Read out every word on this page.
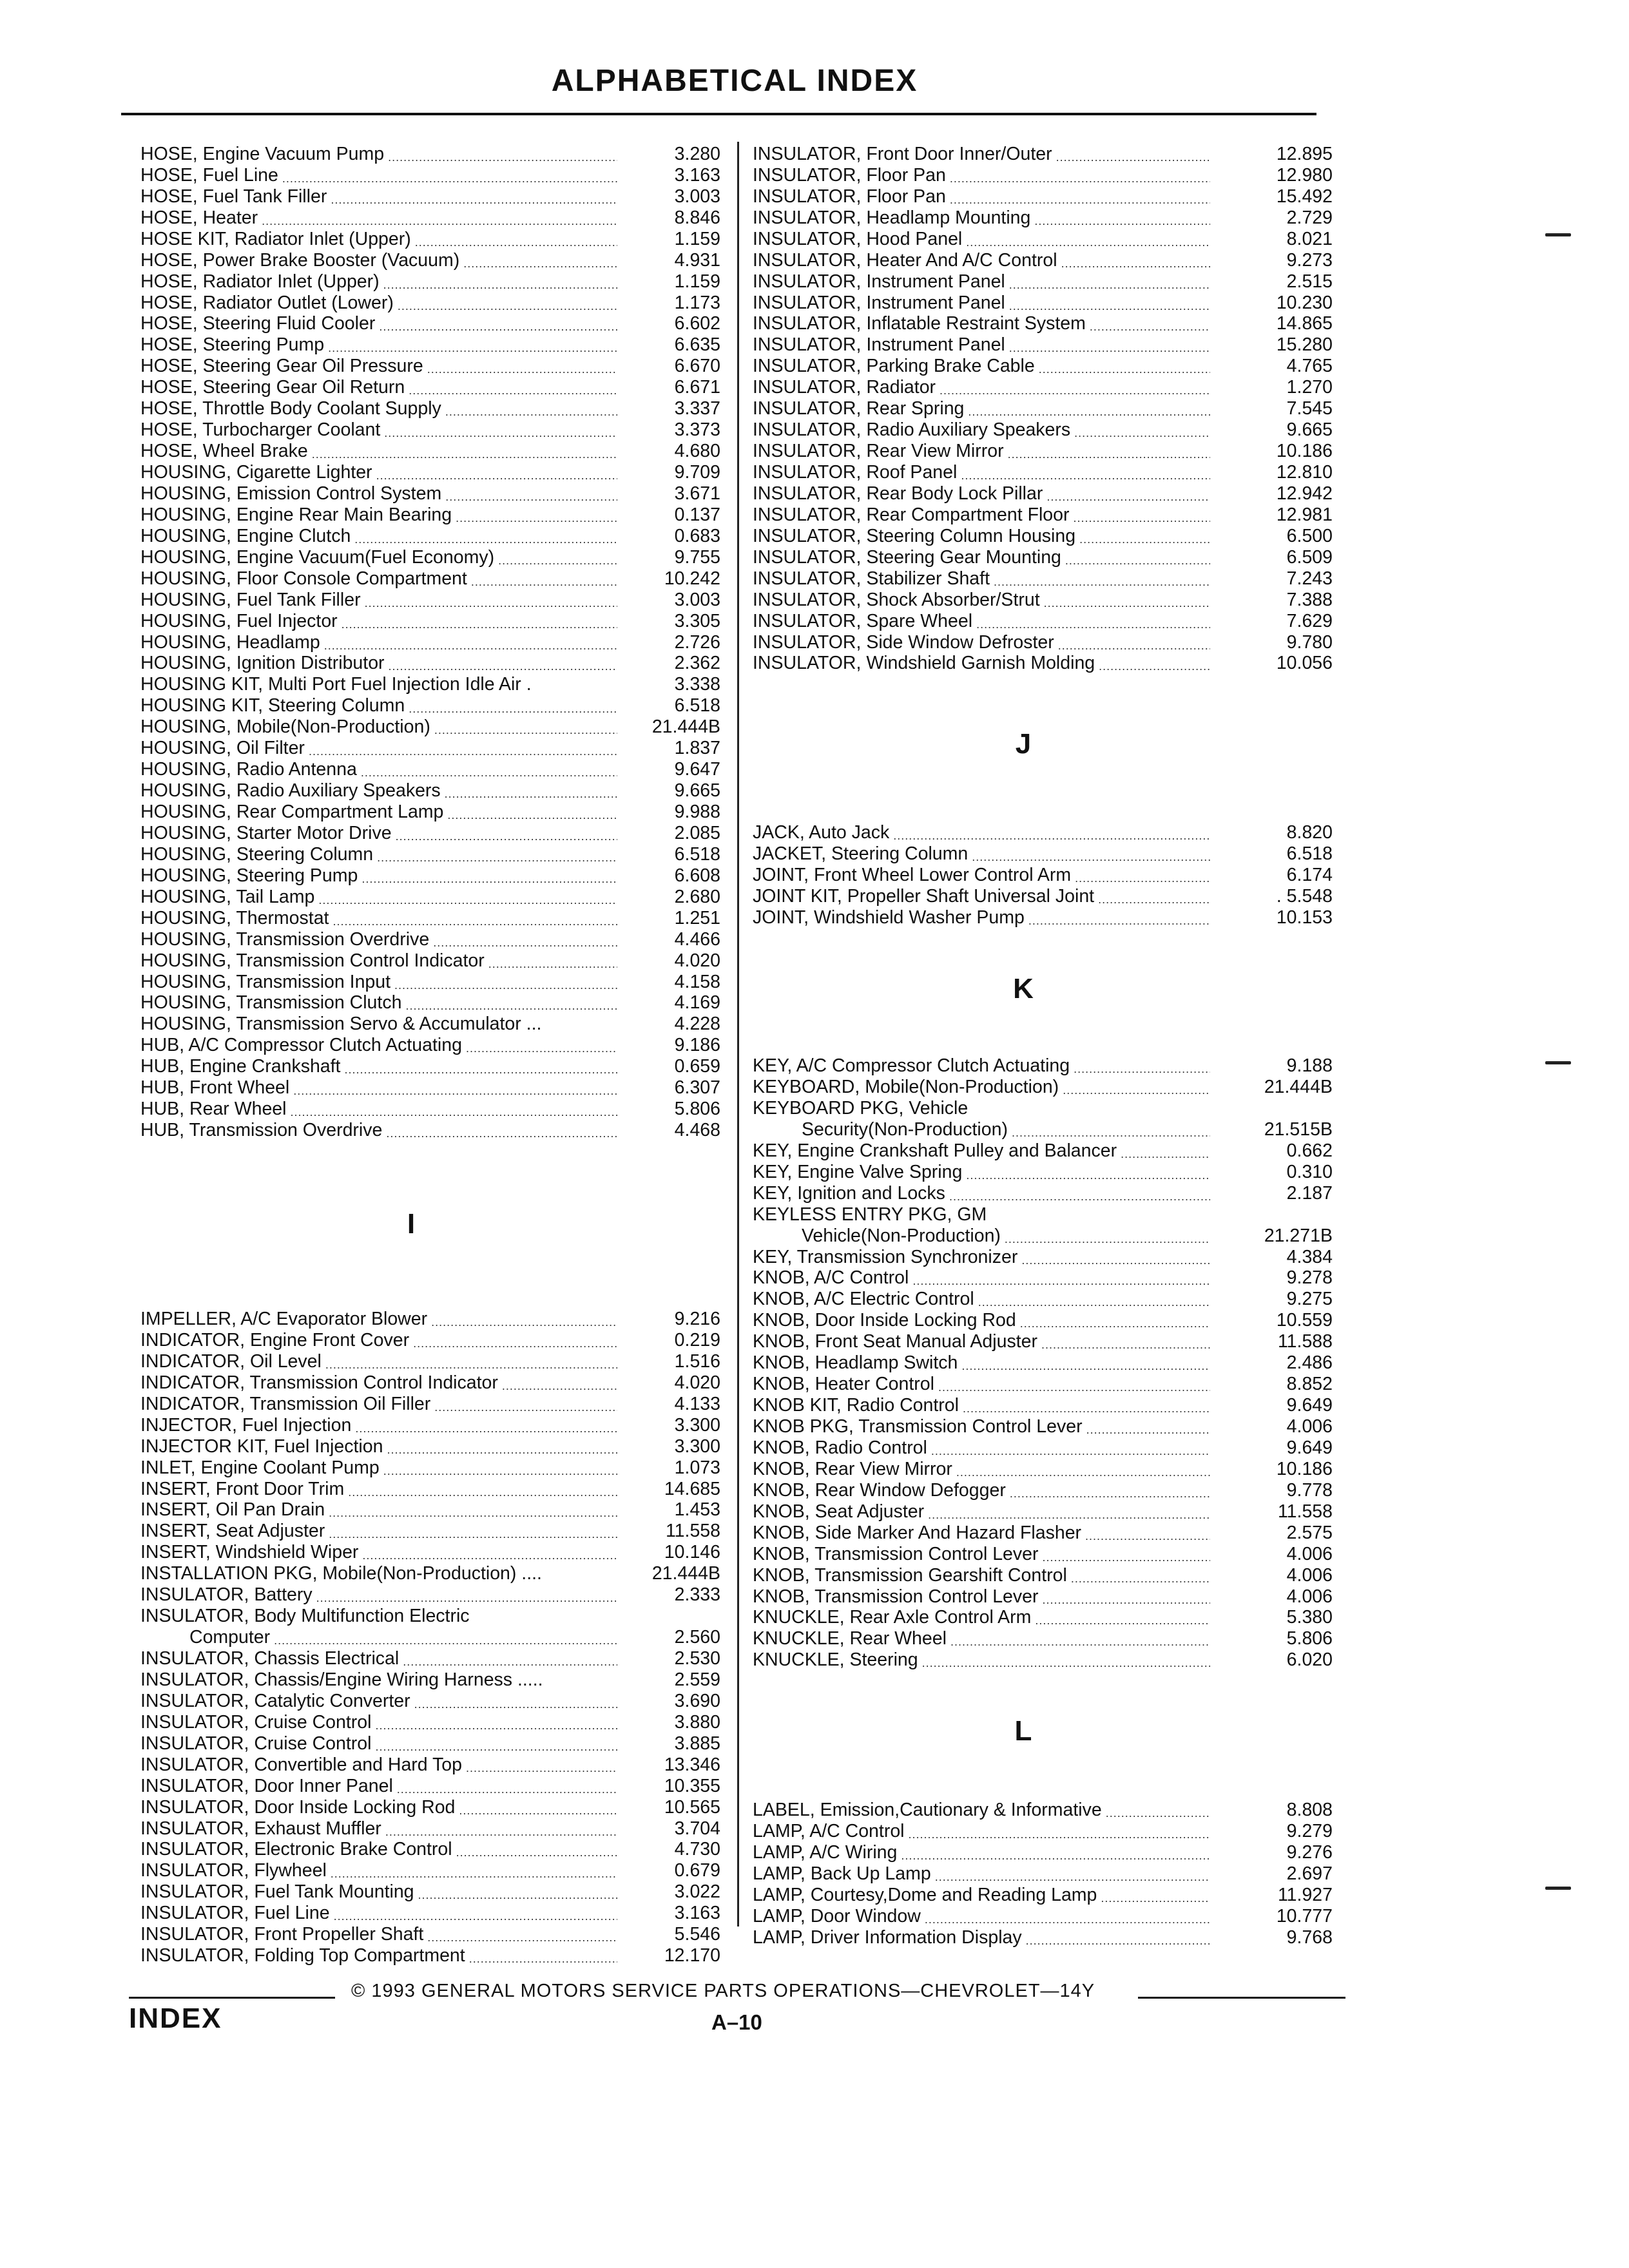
ALPHABETICAL INDEX
HOSE, Engine Vacuum Pump .....	3.280
HOSE, Fuel Line .....	3.163
HOSE, Fuel Tank Filler .....	3.003
HOSE, Heater .....	8.846
HOSE KIT, Radiator Inlet (Upper) .....	1.159
HOSE, Power Brake Booster (Vacuum) .....	4.931
HOSE, Radiator Inlet (Upper) .....	1.159
HOSE, Radiator Outlet (Lower) .....	1.173
HOSE, Steering Fluid Cooler .....	6.602
HOSE, Steering Pump .....	6.635
HOSE, Steering Gear Oil Pressure .....	6.670
HOSE, Steering Gear Oil Return .....	6.671
HOSE, Throttle Body Coolant Supply .....	3.337
HOSE, Turbocharger Coolant .....	3.373
HOSE, Wheel Brake .....	4.680
HOUSING, Cigarette Lighter .....	9.709
HOUSING, Emission Control System .....	3.671
HOUSING, Engine Rear Main Bearing .....	0.137
HOUSING, Engine Clutch .....	0.683
HOUSING, Engine Vacuum(Fuel Economy) .....	9.755
HOUSING, Floor Console Compartment .....	10.242
HOUSING, Fuel Tank Filler .....	3.003
HOUSING, Fuel Injector .....	3.305
HOUSING, Headlamp .....	2.726
HOUSING, Ignition Distributor .....	2.362
HOUSING KIT, Multi Port Fuel Injection Idle Air .	3.338
HOUSING KIT, Steering Column .....	6.518
HOUSING, Mobile(Non-Production) .....	21.444B
HOUSING, Oil Filter .....	1.837
HOUSING, Radio Antenna .....	9.647
HOUSING, Radio Auxiliary Speakers .....	9.665
HOUSING, Rear Compartment Lamp .....	9.988
HOUSING, Starter Motor Drive .....	2.085
HOUSING, Steering Column .....	6.518
HOUSING, Steering Pump .....	6.608
HOUSING, Tail Lamp .....	2.680
HOUSING, Thermostat .....	1.251
HOUSING, Transmission Overdrive .....	4.466
HOUSING, Transmission Control Indicator .....	4.020
HOUSING, Transmission Input .....	4.158
HOUSING, Transmission Clutch .....	4.169
HOUSING, Transmission Servo & Accumulator ...	4.228
HUB, A/C Compressor Clutch Actuating .....	9.186
HUB, Engine Crankshaft .....	0.659
HUB, Front Wheel .....	6.307
HUB, Rear Wheel .....	5.806
HUB, Transmission Overdrive .....	4.468
I
IMPELLER, A/C Evaporator Blower .....	9.216
INDICATOR, Engine Front Cover .....	0.219
INDICATOR, Oil Level .....	1.516
INDICATOR, Transmission Control Indicator .....	4.020
INDICATOR, Transmission Oil Filler .....	4.133
INJECTOR, Fuel Injection .....	3.300
INJECTOR KIT, Fuel Injection .....	3.300
INLET, Engine Coolant Pump .....	1.073
INSERT, Front Door Trim .....	14.685
INSERT, Oil Pan Drain .....	1.453
INSERT, Seat Adjuster .....	11.558
INSERT, Windshield Wiper .....	10.146
INSTALLATION PKG, Mobile(Non-Production) ....	21.444B
INSULATOR, Battery .....	2.333
INSULATOR, Body Multifunction Electric
Computer .....	2.560
INSULATOR, Chassis Electrical .....	2.530
INSULATOR, Chassis/Engine Wiring Harness .....	2.559
INSULATOR, Catalytic Converter .....	3.690
INSULATOR, Cruise Control .....	3.880
INSULATOR, Cruise Control .....	3.885
INSULATOR, Convertible and Hard Top .....	13.346
INSULATOR, Door Inner Panel .....	10.355
INSULATOR, Door Inside Locking Rod .....	10.565
INSULATOR, Exhaust Muffler .....	3.704
INSULATOR, Electronic Brake Control .....	4.730
INSULATOR, Flywheel .....	0.679
INSULATOR, Fuel Tank Mounting .....	3.022
INSULATOR, Fuel Line .....	3.163
INSULATOR, Front Propeller Shaft .....	5.546
INSULATOR, Folding Top Compartment .....	12.170
INSULATOR, Front Door Inner/Outer .....	12.895
INSULATOR, Floor Pan .....	12.980
INSULATOR, Floor Pan .....	15.492
INSULATOR, Headlamp Mounting .....	2.729
INSULATOR, Hood Panel .....	8.021
INSULATOR, Heater And A/C Control .....	9.273
INSULATOR, Instrument Panel .....	2.515
INSULATOR, Instrument Panel .....	10.230
INSULATOR, Inflatable Restraint System .....	14.865
INSULATOR, Instrument Panel .....	15.280
INSULATOR, Parking Brake Cable .....	4.765
INSULATOR, Radiator .....	1.270
INSULATOR, Rear Spring .....	7.545
INSULATOR, Radio Auxiliary Speakers .....	9.665
INSULATOR, Rear View Mirror .....	10.186
INSULATOR, Roof Panel .....	12.810
INSULATOR, Rear Body Lock Pillar .....	12.942
INSULATOR, Rear Compartment Floor .....	12.981
INSULATOR, Steering Column Housing .....	6.500
INSULATOR, Steering Gear Mounting .....	6.509
INSULATOR, Stabilizer Shaft .....	7.243
INSULATOR, Shock Absorber/Strut .....	7.388
INSULATOR, Spare Wheel .....	7.629
INSULATOR, Side Window Defroster .....	9.780
INSULATOR, Windshield Garnish Molding .....	10.056
J
JACK, Auto Jack .....	8.820
JACKET, Steering Column .....	6.518
JOINT, Front Wheel Lower Control Arm .....	6.174
JOINT KIT, Propeller Shaft Universal Joint .....	. 5.548
JOINT, Windshield Washer Pump .....	10.153
K
KEY, A/C Compressor Clutch Actuating .....	9.188
KEYBOARD, Mobile(Non-Production) .....	21.444B
KEYBOARD PKG, Vehicle
Security(Non-Production) .....	21.515B
KEY, Engine Crankshaft Pulley and Balancer .....	0.662
KEY, Engine Valve Spring .....	0.310
KEY, Ignition and Locks .....	2.187
KEYLESS ENTRY PKG, GM
Vehicle(Non-Production) .....	21.271B
KEY, Transmission Synchronizer .....	4.384
KNOB, A/C Control .....	9.278
KNOB, A/C Electric Control .....	9.275
KNOB, Door Inside Locking Rod .....	10.559
KNOB, Front Seat Manual Adjuster .....	11.588
KNOB, Headlamp Switch .....	2.486
KNOB, Heater Control .....	8.852
KNOB KIT, Radio Control .....	9.649
KNOB PKG, Transmission Control Lever .....	4.006
KNOB, Radio Control .....	9.649
KNOB, Rear View Mirror .....	10.186
KNOB, Rear Window Defogger .....	9.778
KNOB, Seat Adjuster .....	11.558
KNOB, Side Marker And Hazard Flasher .....	2.575
KNOB, Transmission Control Lever .....	4.006
KNOB, Transmission Gearshift Control .....	4.006
KNOB, Transmission Control Lever .....	4.006
KNUCKLE, Rear Axle Control Arm .....	5.380
KNUCKLE, Rear Wheel .....	5.806
KNUCKLE, Steering .....	6.020
L
LABEL, Emission,Cautionary & Informative .....	8.808
LAMP, A/C Control .....	9.279
LAMP, A/C Wiring .....	9.276
LAMP, Back Up Lamp .....	2.697
LAMP, Courtesy,Dome and Reading Lamp .....	11.927
LAMP, Door Window .....	10.777
LAMP, Driver Information Display .....	9.768
© 1993 GENERAL MOTORS SERVICE PARTS OPERATIONS—CHEVROLET—14Y
INDEX	A–10
